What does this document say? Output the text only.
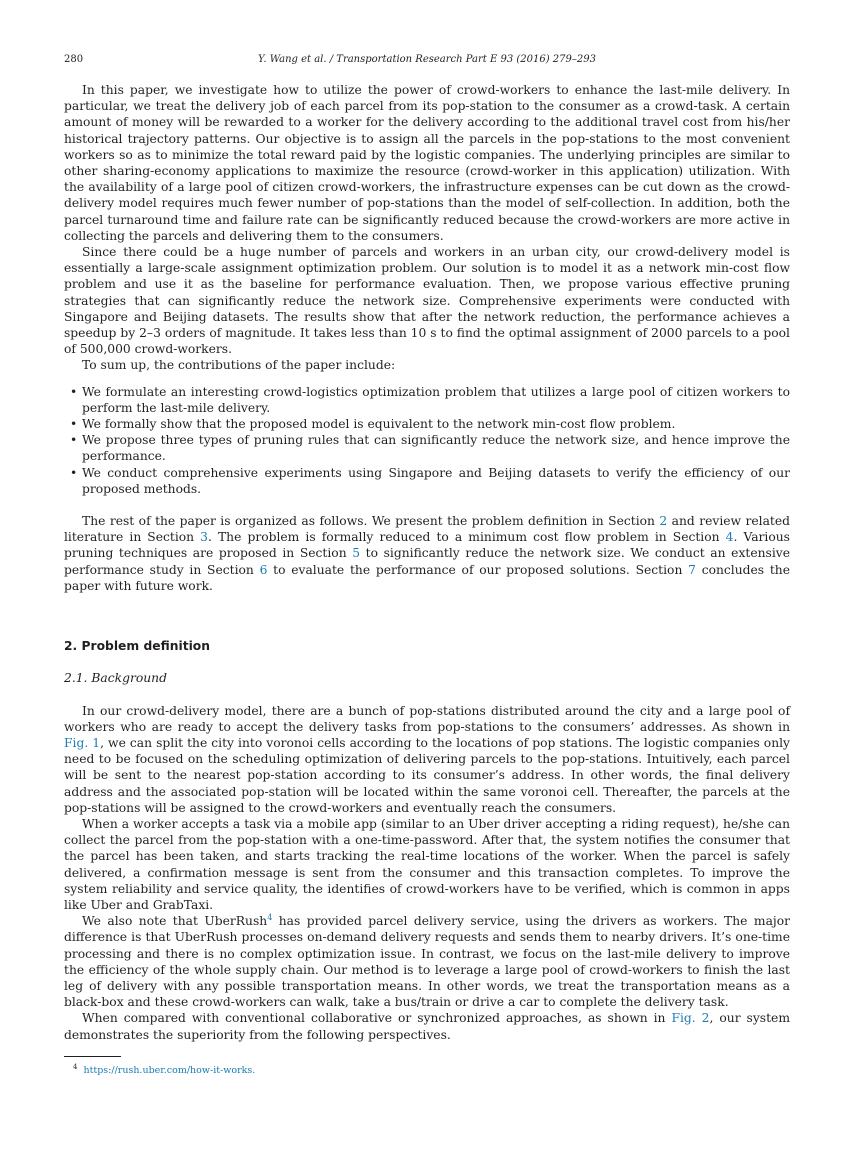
280	Y. Wang et al. / Transportation Research Part E 93 (2016) 279–293

In this paper, we investigate how to utilize the power of crowd-workers to enhance the last-mile delivery. In particular, we treat the delivery job of each parcel from its pop-station to the consumer as a crowd-task. A certain amount of money will be rewarded to a worker for the delivery according to the additional travel cost from his/her historical trajectory patterns. Our objective is to assign all the parcels in the pop-stations to the most convenient workers so as to minimize the total reward paid by the logistic companies. The underlying principles are similar to other sharing-economy applications to maximize the resource (crowd-worker in this application) utilization. With the availability of a large pool of citizen crowd-workers, the infrastructure expenses can be cut down as the crowd-delivery model requires much fewer number of pop-stations than the model of self-collection. In addition, both the parcel turnaround time and failure rate can be significantly reduced because the crowd-workers are more active in collecting the parcels and delivering them to the consumers.

Since there could be a huge number of parcels and workers in an urban city, our crowd-delivery model is essentially a large-scale assignment optimization problem. Our solution is to model it as a network min-cost flow problem and use it as the baseline for performance evaluation. Then, we propose various effective pruning strategies that can significantly reduce the network size. Comprehensive experiments were conducted with Singapore and Beijing datasets. The results show that after the network reduction, the performance achieves a speedup by 2–3 orders of magnitude. It takes less than 10 s to find the optimal assignment of 2000 parcels to a pool of 500,000 crowd-workers.

To sum up, the contributions of the paper include:

• We formulate an interesting crowd-logistics optimization problem that utilizes a large pool of citizen workers to perform the last-mile delivery.
• We formally show that the proposed model is equivalent to the network min-cost flow problem.
• We propose three types of pruning rules that can significantly reduce the network size, and hence improve the performance.
• We conduct comprehensive experiments using Singapore and Beijing datasets to verify the efficiency of our proposed methods.

The rest of the paper is organized as follows. We present the problem definition in Section 2 and review related literature in Section 3. The problem is formally reduced to a minimum cost flow problem in Section 4. Various pruning techniques are proposed in Section 5 to significantly reduce the network size. We conduct an extensive performance study in Section 6 to evaluate the performance of our proposed solutions. Section 7 concludes the paper with future work.

2. Problem definition
2.1. Background

In our crowd-delivery model, there are a bunch of pop-stations distributed around the city and a large pool of workers who are ready to accept the delivery tasks from pop-stations to the consumers’ addresses. As shown in Fig. 1, we can split the city into voronoi cells according to the locations of pop stations. The logistic companies only need to be focused on the scheduling optimization of delivering parcels to the pop-stations. Intuitively, each parcel will be sent to the nearest pop-station according to its consumer’s address. In other words, the final delivery address and the associated pop-station will be located within the same voronoi cell. Thereafter, the parcels at the pop-stations will be assigned to the crowd-workers and eventually reach the consumers.

When a worker accepts a task via a mobile app (similar to an Uber driver accepting a riding request), he/she can collect the parcel from the pop-station with a one-time-password. After that, the system notifies the consumer that the parcel has been taken, and starts tracking the real-time locations of the worker. When the parcel is safely delivered, a confirmation message is sent from the consumer and this transaction completes. To improve the system reliability and service quality, the identifies of crowd-workers have to be verified, which is common in apps like Uber and GrabTaxi.

We also note that UberRush$^4$ has provided parcel delivery service, using the drivers as workers. The major difference is that UberRush processes on-demand delivery requests and sends them to nearby drivers. It’s one-time processing and there is no complex optimization issue. In contrast, we focus on the last-mile delivery to improve the efficiency of the whole supply chain. Our method is to leverage a large pool of crowd-workers to finish the last leg of delivery with any possible transportation means. In other words, we treat the transportation means as a black-box and these crowd-workers can walk, take a bus/train or drive a car to complete the delivery task.

When compared with conventional collaborative or synchronized approaches, as shown in Fig. 2, our system demonstrates the superiority from the following perspectives.

$^4$ https://rush.uber.com/how-it-works.
